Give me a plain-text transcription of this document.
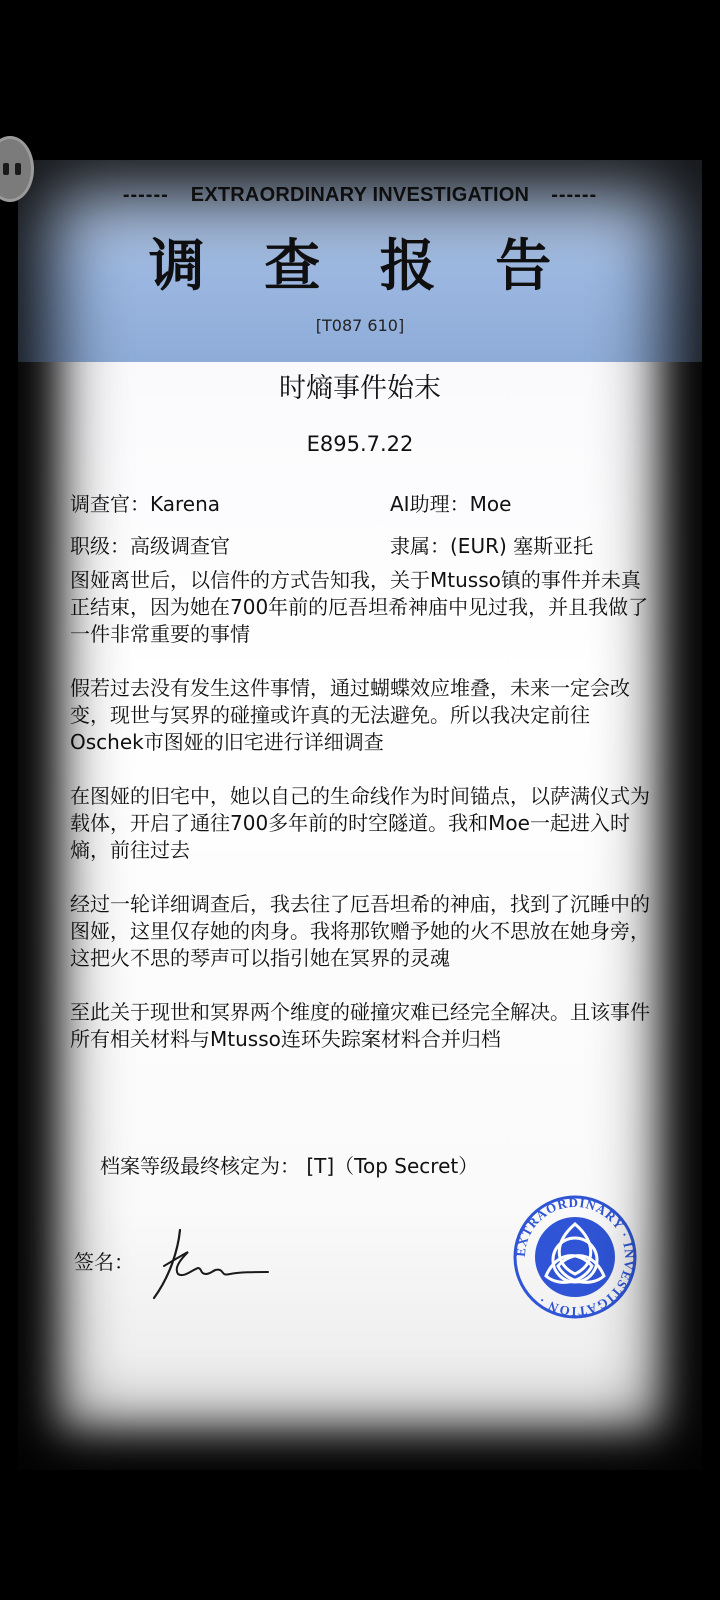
------ EXTRAORDINARY INVESTIGATION ------
调 查 报 告
[T087 610]
时熵事件始末
E895.7.22
调查官：Karena	AI助理：Moe
职级：高级调查官	隶属：(EUR) 塞斯亚托

图娅离世后，以信件的方式告知我，关于Mtusso镇的事件并未真正结束，因为她在700年前的厄吾坦希神庙中见过我，并且我做了一件非常重要的事情

假若过去没有发生这件事情，通过蝴蝶效应堆叠，未来一定会改变，现世与冥界的碰撞或许真的无法避免。所以我决定前往Oschek市图娅的旧宅进行详细调查

在图娅的旧宅中，她以自己的生命线作为时间锚点，以萨满仪式为载体，开启了通往700多年前的时空隧道。我和Moe一起进入时熵，前往过去

经过一轮详细调查后，我去往了厄吾坦希的神庙，找到了沉睡中的图娅，这里仅存她的肉身。我将那钦赠予她的火不思放在她身旁，这把火不思的琴声可以指引她在冥界的灵魂

至此关于现世和冥界两个维度的碰撞灾难已经完全解决。且该事件所有相关材料与Mtusso连环失踪案材料合并归档

档案等级最终核定为： [T]（Top Secret）
签名：	EXTRAORDINARY · INVESTIGATION ·
